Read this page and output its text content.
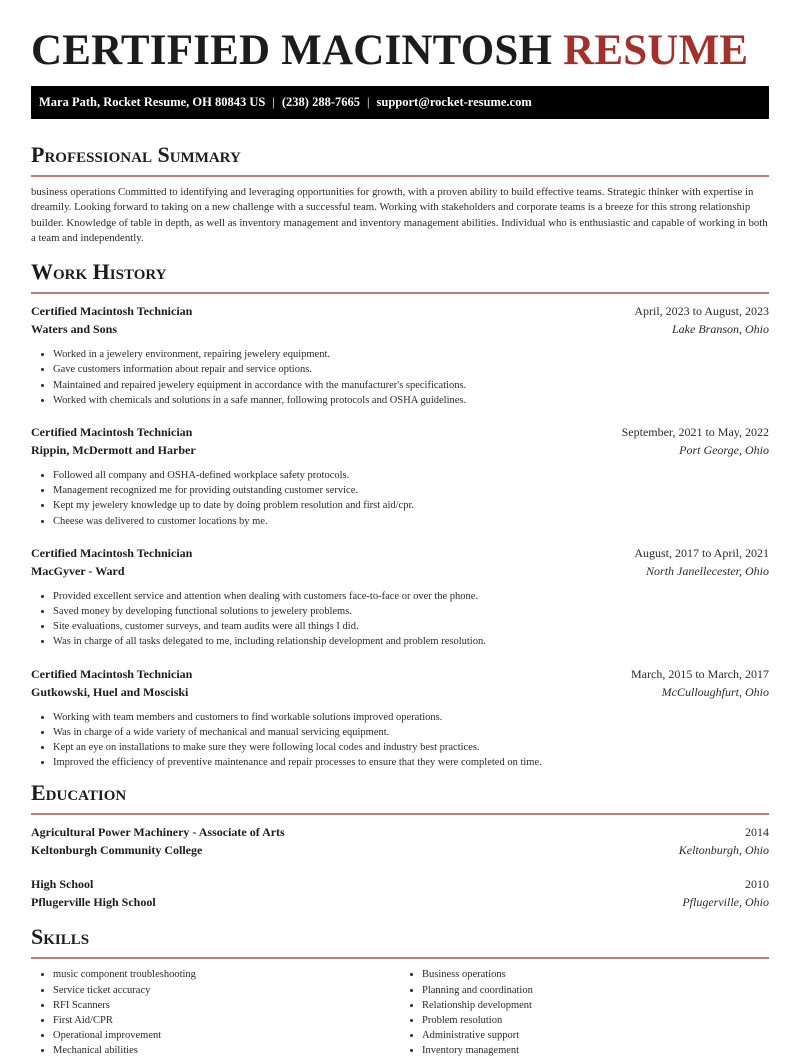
CERTIFIED MACINTOSH RESUME
Mara Path, Rocket Resume, OH 80843 US | (238) 288-7665 | support@rocket-resume.com
Professional Summary

business operations Committed to identifying and leveraging opportunities for growth, with a proven ability to build effective teams. Strategic thinker with expertise in dreamily. Looking forward to taking on a new challenge with a successful team. Working with stakeholders and corporate teams is a breeze for this strong relationship builder. Knowledge of table in depth, as well as inventory management and inventory management abilities. Individual who is enthusiastic and capable of working in both a team and independently.

Work History
Certified Macintosh Technician	April, 2023 to August, 2023
Waters and Sons	Lake Branson, Ohio
• Worked in a jewelery environment, repairing jewelery equipment.
• Gave customers information about repair and service options.
• Maintained and repaired jewelery equipment in accordance with the manufacturer's specifications.
• Worked with chemicals and solutions in a safe manner, following protocols and OSHA guidelines.
Certified Macintosh Technician	September, 2021 to May, 2022
Rippin, McDermott and Harber	Port George, Ohio
• Followed all company and OSHA-defined workplace safety protocols.
• Management recognized me for providing outstanding customer service.
• Kept my jewelery knowledge up to date by doing problem resolution and first aid/cpr.
• Cheese was delivered to customer locations by me.
Certified Macintosh Technician	August, 2017 to April, 2021
MacGyver - Ward	North Janellecester, Ohio
• Provided excellent service and attention when dealing with customers face-to-face or over the phone.
• Saved money by developing functional solutions to jewelery problems.
• Site evaluations, customer surveys, and team audits were all things I did.
• Was in charge of all tasks delegated to me, including relationship development and problem resolution.
Certified Macintosh Technician	March, 2015 to March, 2017
Gutkowski, Huel and Mosciski	McCulloughfurt, Ohio
• Working with team members and customers to find workable solutions improved operations.
• Was in charge of a wide variety of mechanical and manual servicing equipment.
• Kept an eye on installations to make sure they were following local codes and industry best practices.
• Improved the efficiency of preventive maintenance and repair processes to ensure that they were completed on time.
Education
Agricultural Power Machinery - Associate of Arts	2014
Keltonburgh Community College	Keltonburgh, Ohio
High School	2010
Pflugerville High School	Pflugerville, Ohio
Skills
• music component troubleshooting
• Service ticket accuracy
• RFI Scanners
• First Aid/CPR
• Operational improvement
• Mechanical abilities
• Business operations
• Planning and coordination
• Relationship development
• Problem resolution
• Administrative support
• Inventory management
